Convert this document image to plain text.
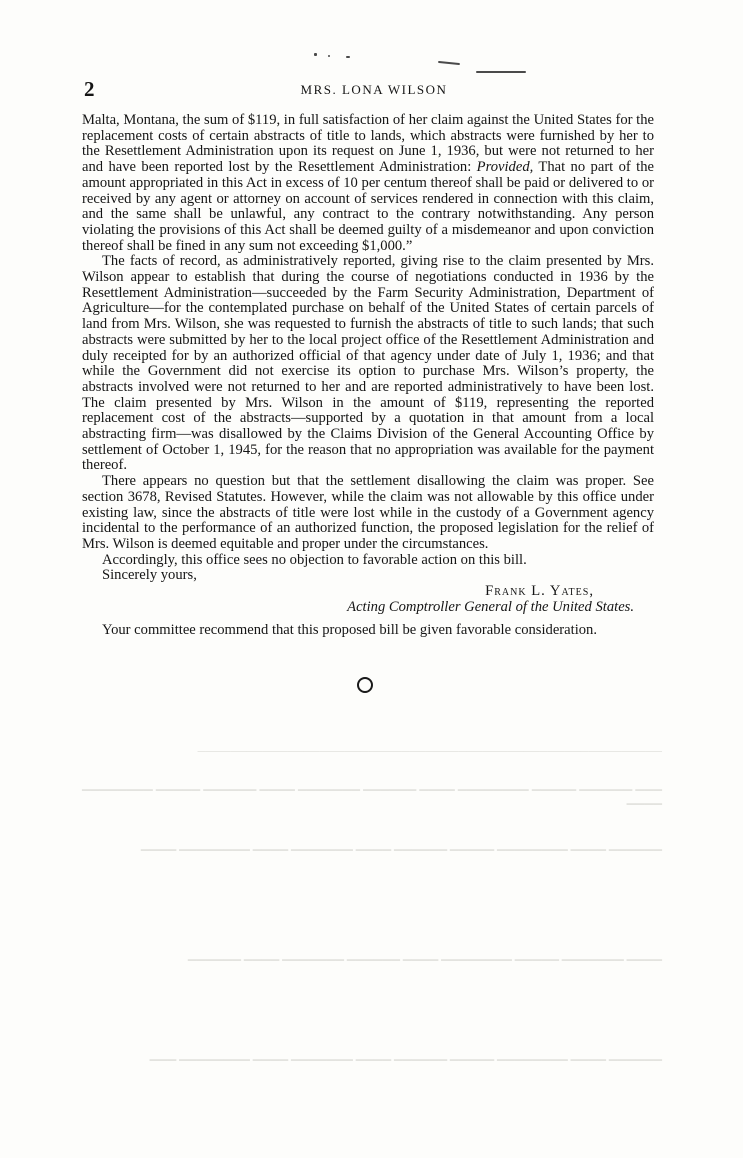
2	MRS. LONA WILSON

Malta, Montana, the sum of $119, in full satisfaction of her claim against the United States for the replacement costs of certain abstracts of title to lands, which abstracts were furnished by her to the Resettlement Administration upon its request on June 1, 1936, but were not returned to her and have been reported lost by the Resettlement Administration: Provided, That no part of the amount appropriated in this Act in excess of 10 per centum thereof shall be paid or delivered to or received by any agent or attorney on account of services rendered in connection with this claim, and the same shall be unlawful, any contract to the contrary notwithstanding. Any person violating the provisions of this Act shall be deemed guilty of a misdemeanor and upon conviction thereof shall be fined in any sum not exceeding $1,000.”

The facts of record, as administratively reported, giving rise to the claim presented by Mrs. Wilson appear to establish that during the course of negotiations conducted in 1936 by the Resettlement Administration—succeeded by the Farm Security Administration, Department of Agriculture—for the contemplated purchase on behalf of the United States of certain parcels of land from Mrs. Wilson, she was requested to furnish the abstracts of title to such lands; that such abstracts were submitted by her to the local project office of the Resettlement Administration and duly receipted for by an authorized official of that agency under date of July 1, 1936; and that while the Government did not exercise its option to purchase Mrs. Wilson’s property, the abstracts involved were not returned to her and are reported administratively to have been lost. The claim presented by Mrs. Wilson in the amount of $119, representing the reported replacement cost of the abstracts—supported by a quotation in that amount from a local abstracting firm—was disallowed by the Claims Division of the General Accounting Office by settlement of October 1, 1945, for the reason that no appropriation was available for the payment thereof.

There appears no question but that the settlement disallowing the claim was proper. See section 3678, Revised Statutes. However, while the claim was not allowable by this office under existing law, since the abstracts of title were lost while in the custody of a Government agency incidental to the performance of an authorized function, the proposed legislation for the relief of Mrs. Wilson is deemed equitable and proper under the circumstances.

Accordingly, this office sees no objection to favorable action on this bill.

Sincerely yours,

Frank L. Yates,

Acting Comptroller General of the United States.

Your committee recommend that this proposed bill be given favorable consideration.

─────────────────────────────────────────────────────────
▔▔▔ ▔▔▔▔▔▔ ▔▔▔▔▔ ▔▔▔▔▔▔▔▔ ▔▔▔▔ ▔▔▔▔▔▔ ▔▔▔▔▔▔▔ ▔▔▔▔ ▔▔▔▔▔▔ ▔▔▔▔▔ ▔▔▔▔▔▔▔▔ ▔▔▔▔
▔▔▔▔▔▔ ▔▔▔▔ ▔▔▔▔▔▔▔▔ ▔▔▔▔▔ ▔▔▔▔▔▔ ▔▔▔▔ ▔▔▔▔▔▔▔ ▔▔▔▔ ▔▔▔▔▔▔▔▔ ▔▔▔▔
▔▔▔▔ ▔▔▔▔▔▔▔ ▔▔▔▔▔ ▔▔▔▔▔▔▔▔ ▔▔▔▔ ▔▔▔▔▔▔ ▔▔▔▔▔▔▔ ▔▔▔▔ ▔▔▔▔▔▔
▔▔▔▔▔▔ ▔▔▔▔ ▔▔▔▔▔▔▔▔ ▔▔▔▔▔ ▔▔▔▔▔▔ ▔▔▔▔ ▔▔▔▔▔▔▔ ▔▔▔▔ ▔▔▔▔▔▔▔▔ ▔▔▔
